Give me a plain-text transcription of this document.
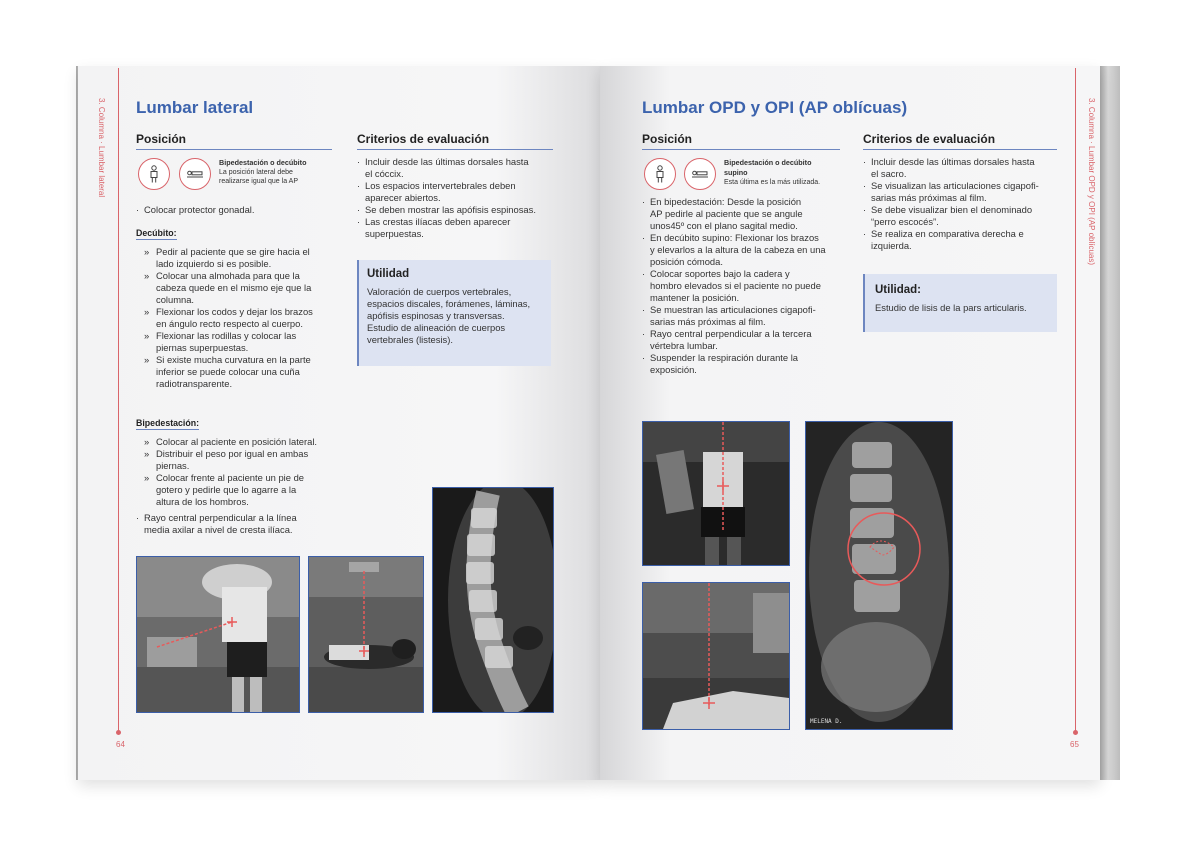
3. Columna · Lumbar lateral
64
Lumbar lateral
Posición
Bipedestación o decúbito
La posición lateral debe
realizarse igual que la AP
· Colocar protector gonadal.
Decúbito:
» Pedir al paciente que se gire hacia el
lado izquierdo si es posible.
» Colocar una almohada para que la
cabeza quede en el mismo eje que la
columna.
» Flexionar los codos y dejar los brazos
en ángulo recto respecto al cuerpo.
» Flexionar las rodillas y colocar las
piernas superpuestas.
» Si existe mucha curvatura en la parte
inferior se puede colocar una cuña
radiotransparente.
Bipedestación:
» Colocar al paciente en posición lateral.
» Distribuir el peso por igual en ambas
piernas.
» Colocar frente al paciente un pie de
gotero y pedirle que lo agarre a la
altura de los hombros.
· Rayo central perpendicular a la línea
media axilar a nivel de cresta ilíaca.
Criterios de evaluación
· Incluir desde las últimas dorsales hasta
el cóccix.
· Los espacios intervertebrales deben
aparecer abiertos.
· Se deben mostrar las apófisis espinosas.
· Las crestas ilíacas deben aparecer
superpuestas.

Utilidad

Valoración de cuerpos vertebrales,

espacios discales, forámenes, láminas,

apófisis espinosas y transversas.

Estudio de alineación de cuerpos

vertebrales (listesis).

3. Columna · Lumbar OPD y OPI (AP oblícuas)
65
Lumbar OPD y OPI (AP oblícuas)
Posición
Bipedestación o decúbito
supino
Esta última es la más utilizada.
· En bipedestación: Desde la posición
AP pedirle al paciente que se angule
unos45º con el plano sagital medio.
· En decúbito supino: Flexionar los brazos
y elevarlos a la altura de la cabeza en una
posición cómoda.
· Colocar soportes bajo la cadera y
hombro elevados si el paciente no puede
mantener la posición.
· Se muestran las articulaciones cigapofi-
sarias más próximas al film.
· Rayo central perpendicular a la tercera
vértebra lumbar.
· Suspender la respiración durante la
exposición.
Criterios de evaluación
· Incluir desde las últimas dorsales hasta
el sacro.
· Se visualizan las articulaciones cigapofi-
sarias más próximas al film.
· Se debe visualizar bien el denominado
“perro escocés”.
· Se realiza en comparativa derecha e
izquierda.

Utilidad:

Estudio de lisis de la pars articularis.
MELENA D.
